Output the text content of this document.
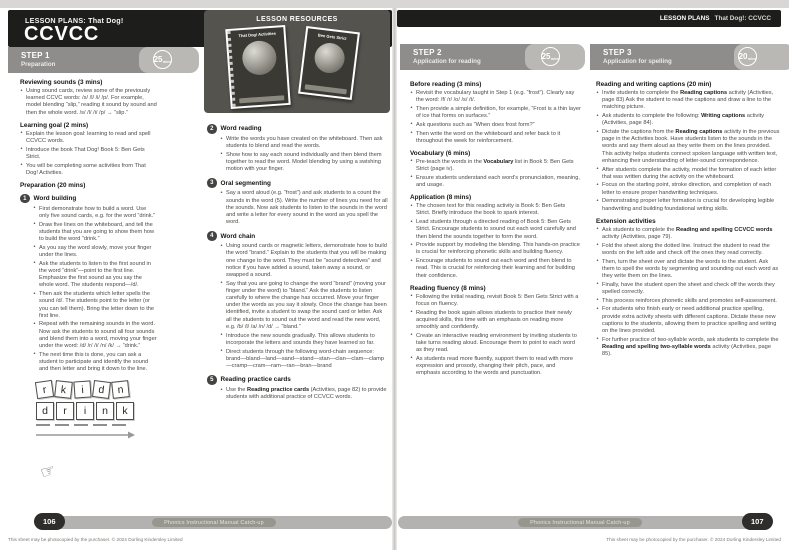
LESSON PLANS: That Dog!
CCVCC
LESSON PLANS That Dog!: CCVCC
STEP 1
Preparation
25 mins
STEP 2
Application for reading
25 mins
STEP 3
Application for spelling
20 mins
LESSON RESOURCES
That Dog! Activities	Ben Gets Strict
Reviewing sounds (3 mins)
• Using sound cards, review some of the previously learned CCVC words: /s/ /l/ /i/ /p/. For example, model blending “slip,” reading it sound by sound and then the whole word. /s/ /l/ /i/ /p/ → “slip.”
Learning goal (2 mins)
• Explain the lesson goal: learning to read and spell CCVCC words.
• Introduce the book That Dog! Book 5: Ben Gets Strict.
• You will be completing some activities from That Dog! Activities.
Preparation (20 mins)
1	Word building
• First demonstrate how to build a word. Use only five sound cards, e.g. for the word “drink.”
• Draw five lines on the whiteboard, and tell the students that you are going to show them how to build the word “drink.”
• As you say the word slowly, move your finger under the lines.
• Ask the students to listen to the first sound in the word “drink”—point to the first line. Emphasize the first sound as you say the whole word. The students respond—/d/.
• Then ask the students which letter spells the sound /d/. The students point to the letter (or you can tell them). Bring the letter down to the first line.
• Repeat with the remaining sounds in the word. Now ask the students to sound all four sounds and blend them into a word, moving your finger under the word: /d/ /r/ /i/ /n/ /k/ → “drink.”
• The next time this is done, you can ask a student to participate and identify the sound and then letter and bring it down to the line.
r	k	i	d	n
d	r	i	n	k
☞
2	Word reading
• Write the words you have created on the whiteboard. Then ask students to blend and read the words.
• Show how to say each sound individually and then blend them together to read the word. Model blending by using a swishing motion with your finger.
3	Oral segmenting
• Say a word aloud (e.g. “frost”) and ask students to a count the sounds in the word (5). Write the number of lines you need for all the sounds. Now ask students to listen to the sounds in the word and write a letter for every sound in the word as you spell the word.
4	Word chain
• Using sound cards or magnetic letters, demonstrate how to build the word “brand.” Explain to the students that you will be making one change to the word. They must be “sound detectives” and notice if you have added a sound, taken away a sound, or swapped a sound.
• Say that you are going to change the word “brand” (moving your finger under the word) to “bland.” Ask the students to listen carefully to where the change has occurred. Move your finger under the words as you say it slowly. Once the change has been identified, invite a student to swap the sound card or letter. Ask all the students to sound out the word and read the new word, e.g. /b/ /l/ /a/ /n/ /d/ → “bland.”
• Introduce the new sounds gradually. This allows students to incorporate the letters and sounds they have learned so far.
• Direct students through the following word-chain sequence: brand—bland—land—sand—stand—stan—clan—clam—clamp—cramp—cram—ram—ran—bran—brand
5	Reading practice cards
• Use the Reading practice cards (Activities, page 82) to provide students with additional practice of CCVCC words.
Before reading (3 mins)
• Revisit the vocabulary taught in Step 1 (e.g. “frost”). Clearly say the word: /f/ /r/ /o/ /s/ /t/.
• Then provide a simple definition, for example, “Frost is a thin layer of ice that forms on surfaces.”
• Ask questions such as “When does frost form?”
• Then write the word on the whiteboard and refer back to it throughout the week for reinforcement.
Vocabulary (6 mins)
• Pre-teach the words in the Vocabulary list in Book 5: Ben Gets Strict (page iv).
• Ensure students understand each word’s pronunciation, meaning, and usage.
Application (8 mins)
• The chosen text for this reading activity is Book 5: Ben Gets Strict. Briefly introduce the book to spark interest.
• Lead students through a directed reading of Book 5: Ben Gets Strict. Encourage students to sound out each word carefully and then blend the sounds together to form the word.
• Provide support by modeling the blending. This hands-on practice is crucial for reinforcing phonetic skills and building fluency.
• Encourage students to sound out each word and then blend to read. This is crucial for reinforcing their learning and for building their confidence.
Reading fluency (8 mins)
• Following the initial reading, revisit Book 5: Ben Gets Strict with a focus on fluency.
• Reading the book again allows students to practice their newly acquired skills, this time with an emphasis on reading more smoothly and confidently.
• Create an interactive reading environment by inviting students to take turns reading aloud. Encourage them to point to each word as they read.
• As students read more fluently, support them to read with more expression and prosody, changing their pitch, pace, and emphasis according to the words and punctuation.
Reading and writing captions (20 min)
• Invite students to complete the Reading captions activity (Activities, page 83) Ask the student to read the captions and draw a line to the matching picture.
• Ask students to complete the following: Writing captions activity (Activities, page 84).
• Dictate the captions from the Reading captions activity in the previous page in the Activities book. Have students listen to the sounds in the words and say them aloud as they write them on the lines provided. This activity helps students connect spoken language with written text, enhancing their understanding of letter-sound correspondence.
• After students complete the activity, model the formation of each letter that was written during the activity on the whiteboard.
• Focus on the starting point, stroke direction, and completion of each letter to ensure proper handwriting techniques.
• Demonstrating proper letter formation is crucial for developing legible handwriting and building foundational writing skills.
Extension activities
• Ask students to complete the Reading and spelling CCVCC words activity (Activities, page 79).
• Fold the sheet along the dotted line. Instruct the student to read the words on the left side and check off the ones they read correctly.
• Then, turn the sheet over and dictate the words to the student. Ask them to spell the words by segmenting and sounding out each word as they write them on the lines.
• Finally, have the student open the sheet and check off the words they spelled correctly.
• This process reinforces phonetic skills and promotes self-assessment.
• For students who finish early or need additional practice spelling, provide extra activity sheets with different captions. Dictate these new captions to the students, allowing them to practice spelling and writing on the lines provided.
• For further practice of two-syllable words, ask students to complete the Reading and spelling two-syllable words activity (Activities, page 85).
Phonics Instructional Manual Catch-up	Phonics Instructional Manual Catch-up
106	107
This sheet may be photocopied by the purchaser. © 2024 Dorling Kindersley Limited	This sheet may be photocopied by the purchaser. © 2024 Dorling Kindersley Limited
